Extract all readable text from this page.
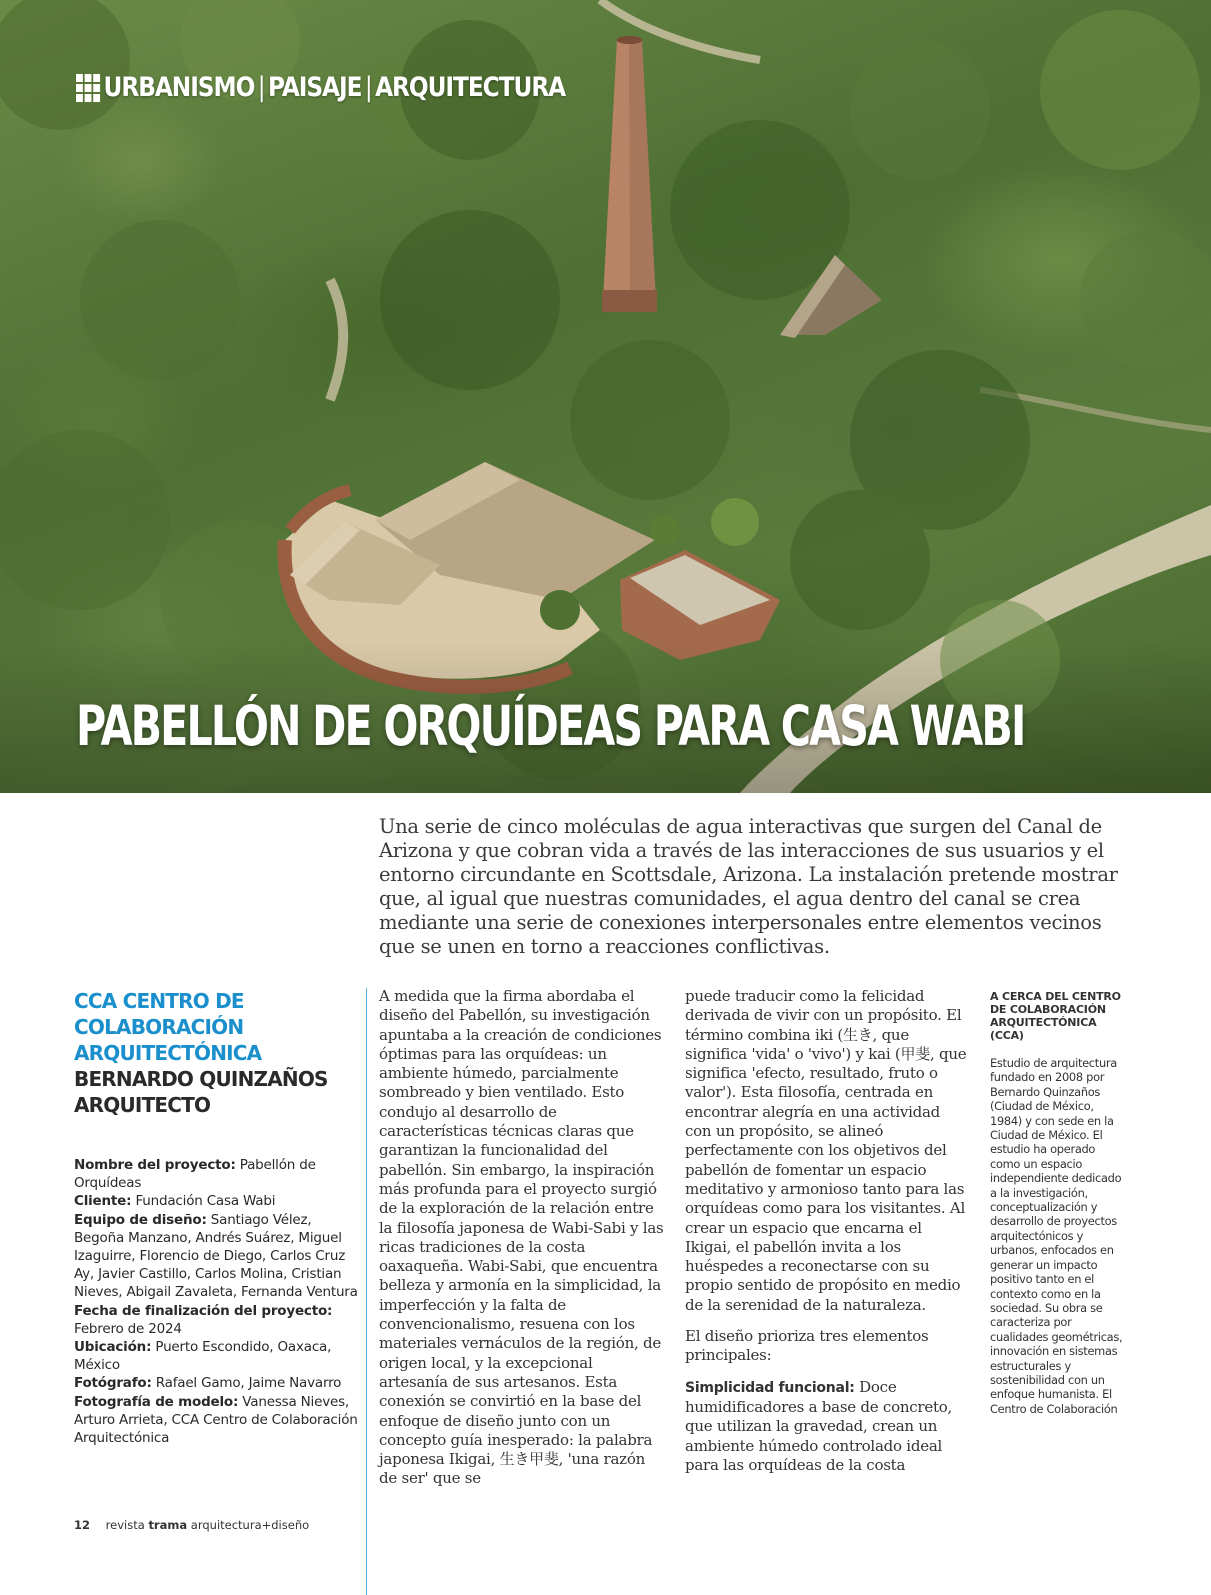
URBANISMO | PAISAJE | ARQUITECTURA
PABELLÓN DE ORQUÍDEAS PARA CASA WABI

Una serie de cinco moléculas de agua interactivas que surgen del Canal de Arizona y que cobran vida a través de las interacciones de sus usuarios y el entorno circundante en Scottsdale, Arizona. La instalación pretende mostrar que, al igual que nuestras comunidades, el agua dentro del canal se crea mediante una serie de conexiones interpersonales entre elementos vecinos que se unen en torno a reacciones conflictivas.

CCA CENTRO DE COLABORACIÓN ARQUITECTÓNICA
BERNARDO QUINZAÑOS ARQUITECTO

Nombre del proyecto: Pabellón de Orquídeas

Cliente: Fundación Casa Wabi

Equipo de diseño: Santiago Vélez, Begoña Manzano, Andrés Suárez, Miguel Izaguirre, Florencio de Diego, Carlos Cruz Ay, Javier Castillo, Carlos Molina, Cristian Nieves, Abigail Zavaleta, Fernanda Ventura

Fecha de finalización del proyecto: Febrero de 2024

Ubicación: Puerto Escondido, Oaxaca, México

Fotógrafo: Rafael Gamo, Jaime Navarro

Fotografía de modelo: Vanessa Nieves, Arturo Arrieta, CCA Centro de Colaboración Arquitectónica

A medida que la firma abordaba el diseño del Pabellón, su investigación apuntaba a la creación de condiciones óptimas para las orquídeas: un ambiente húmedo, parcialmente sombreado y bien ventilado. Esto condujo al desarrollo de características técnicas claras que garantizan la funcionalidad del pabellón. Sin embargo, la inspiración más profunda para el proyecto surgió de la exploración de la relación entre la filosofía japonesa de Wabi-Sabi y las ricas tradiciones de la costa oaxaqueña. Wabi-Sabi, que encuentra belleza y armonía en la simplicidad, la imperfección y la falta de convencionalismo, resuena con los materiales vernáculos de la región, de origen local, y la excepcional artesanía de sus artesanos. Esta conexión se convirtió en la base del enfoque de diseño junto con un concepto guía inesperado: la palabra japonesa Ikigai, 生き甲斐, 'una razón de ser' que se

puede traducir como la felicidad derivada de vivir con un propósito. El término combina iki (生き, que significa 'vida' o 'vivo') y kai (甲斐, que significa 'efecto, resultado, fruto o valor'). Esta filosofía, centrada en encontrar alegría en una actividad con un propósito, se alineó perfectamente con los objetivos del pabellón de fomentar un espacio meditativo y armonioso tanto para las orquídeas como para los visitantes. Al crear un espacio que encarna el Ikigai, el pabellón invita a los huéspedes a reconectarse con su propio sentido de propósito en medio de la serenidad de la naturaleza.

El diseño prioriza tres elementos principales:

Simplicidad funcional: Doce humidificadores a base de concreto, que utilizan la gravedad, crean un ambiente húmedo controlado ideal para las orquídeas de la costa

A CERCA DEL CENTRO DE COLABORACIÓN ARQUITECTÓNICA (CCA)

Estudio de arquitectura fundado en 2008 por Bernardo Quinzaños (Ciudad de México, 1984) y con sede en la Ciudad de México. El estudio ha operado como un espacio independiente dedicado a la investigación, conceptualización y desarrollo de proyectos arquitectónicos y urbanos, enfocados en generar un impacto positivo tanto en el contexto como en la sociedad. Su obra se caracteriza por cualidades geométricas, innovación en sistemas estructurales y sostenibilidad con un enfoque humanista. El Centro de Colaboración

12 revista trama arquitectura+diseño
